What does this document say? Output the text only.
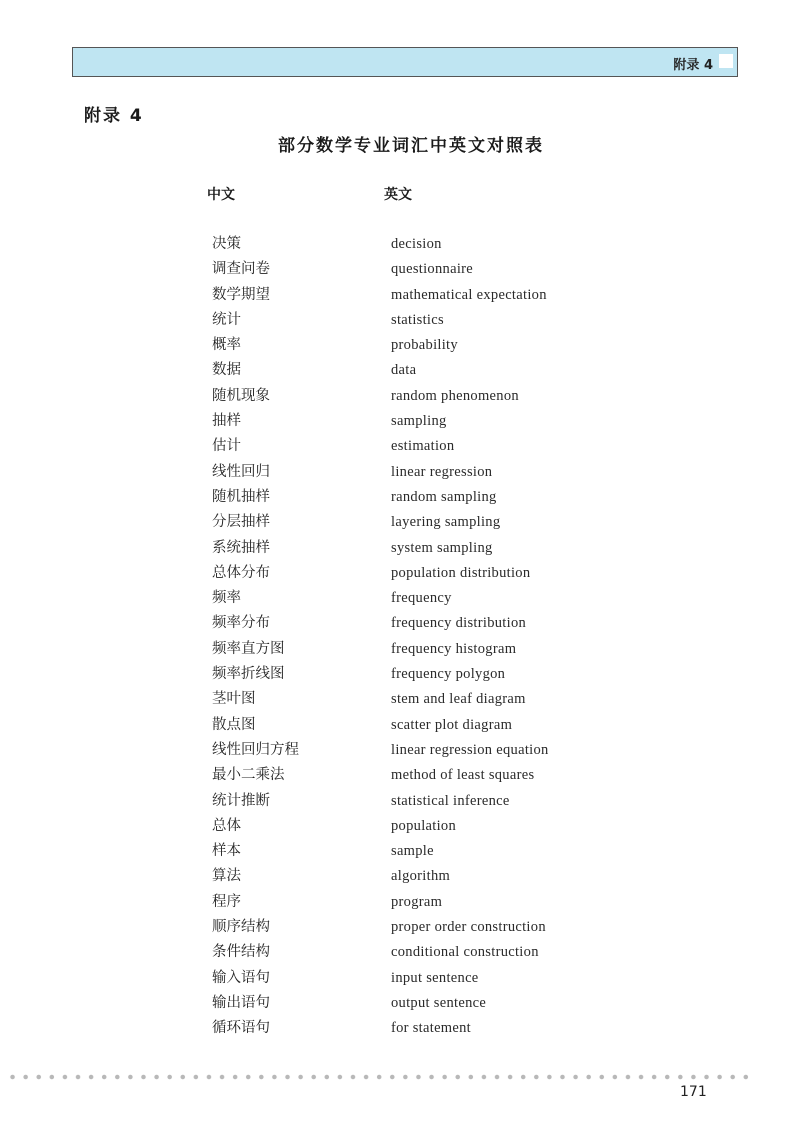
附录 4
附录 4
部分数学专业词汇中英文对照表
中文	英文
决策	decision
调查问卷	questionnaire
数学期望	mathematical expectation
统计	statistics
概率	probability
数据	data
随机现象	random phenomenon
抽样	sampling
估计	estimation
线性回归	linear regression
随机抽样	random sampling
分层抽样	layering sampling
系统抽样	system sampling
总体分布	population distribution
频率	frequency
频率分布	frequency distribution
频率直方图	frequency histogram
频率折线图	frequency polygon
茎叶图	stem and leaf diagram
散点图	scatter plot diagram
线性回归方程	linear regression equation
最小二乘法	method of least squares
统计推断	statistical inference
总体	population
样本	sample
算法	algorithm
程序	program
顺序结构	proper order construction
条件结构	conditional construction
输入语句	input sentence
输出语句	output sentence
循环语句	for statement
171
